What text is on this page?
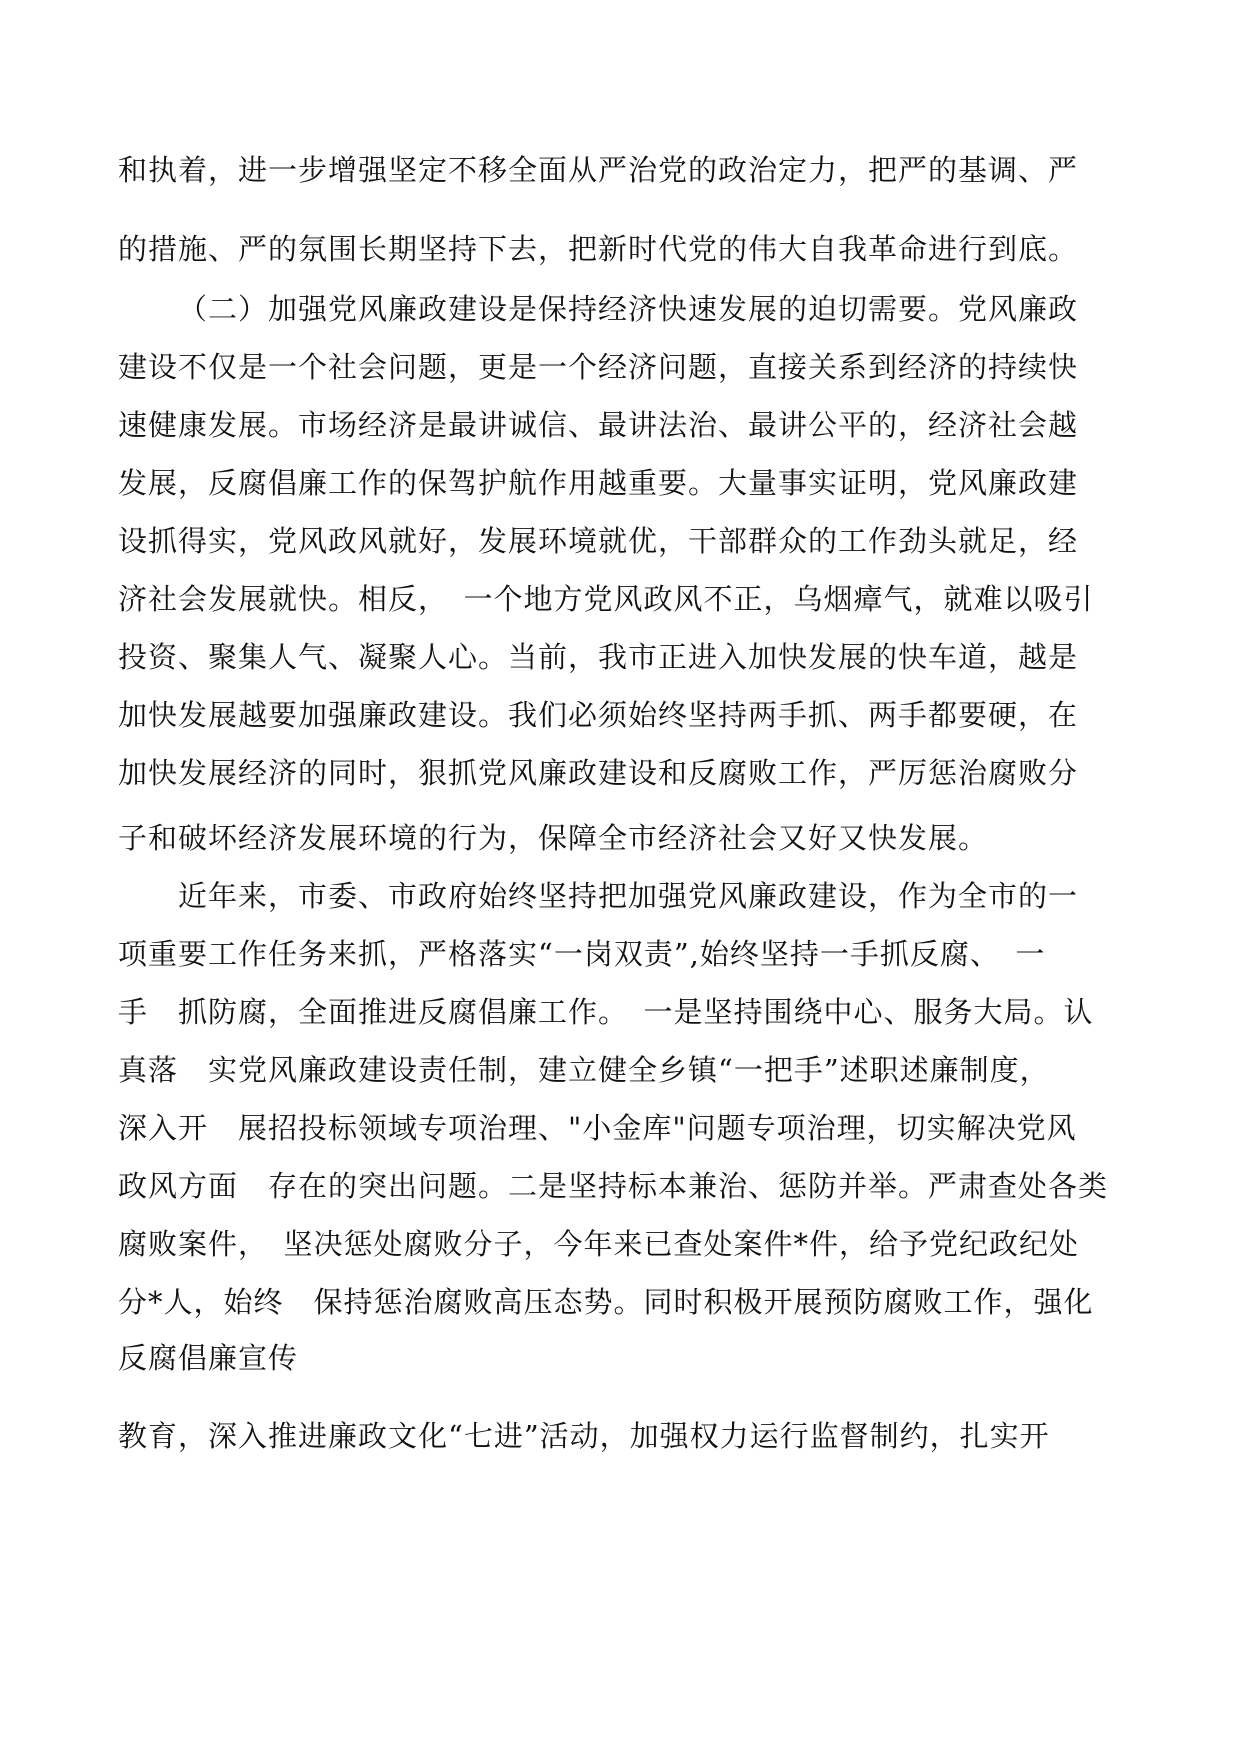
和执着，进一步增强坚定不移全面从严治党的政治定力，把严的基调、严
的措施、严的氛围长期坚持下去，把新时代党的伟大自我革命进行到底。
（二）加强党风廉政建设是保持经济快速发展的迫切需要。党风廉政
建设不仅是一个社会问题，更是一个经济问题，直接关系到经济的持续快
速健康发展。市场经济是最讲诚信、最讲法治、最讲公平的，经济社会越
发展，反腐倡廉工作的保驾护航作用越重要。大量事实证明，党风廉政建
设抓得实，党风政风就好，发展环境就优，干部群众的工作劲头就足，经
济社会发展就快。相反，　一个地方党风政风不正，乌烟瘴气，就难以吸引
投资、聚集人气、凝聚人心。当前，我市正进入加快发展的快车道，越是
加快发展越要加强廉政建设。我们必须始终坚持两手抓、两手都要硬，在
加快发展经济的同时，狠抓党风廉政建设和反腐败工作，严厉惩治腐败分
子和破坏经济发展环境的行为，保障全市经济社会又好又快发展。
近年来，市委、市政府始终坚持把加强党风廉政建设，作为全市的一
项重要工作任务来抓，严格落实“一岗双责”,始终坚持一手抓反腐、　一
手　抓防腐，全面推进反腐倡廉工作。　一是坚持围绕中心、服务大局。认
真落　实党风廉政建设责任制，建立健全乡镇“一把手”述职述廉制度，
深入开　展招投标领域专项治理、"小金库"问题专项治理，切实解决党风
政风方面　存在的突出问题。二是坚持标本兼治、惩防并举。严肃查处各类
腐败案件，　坚决惩处腐败分子，今年来已查处案件*件，给予党纪政纪处
分*人，始终　保持惩治腐败高压态势。同时积极开展预防腐败工作，强化
反腐倡廉宣传
教育，深入推进廉政文化“七进”活动，加强权力运行监督制约，扎实开
